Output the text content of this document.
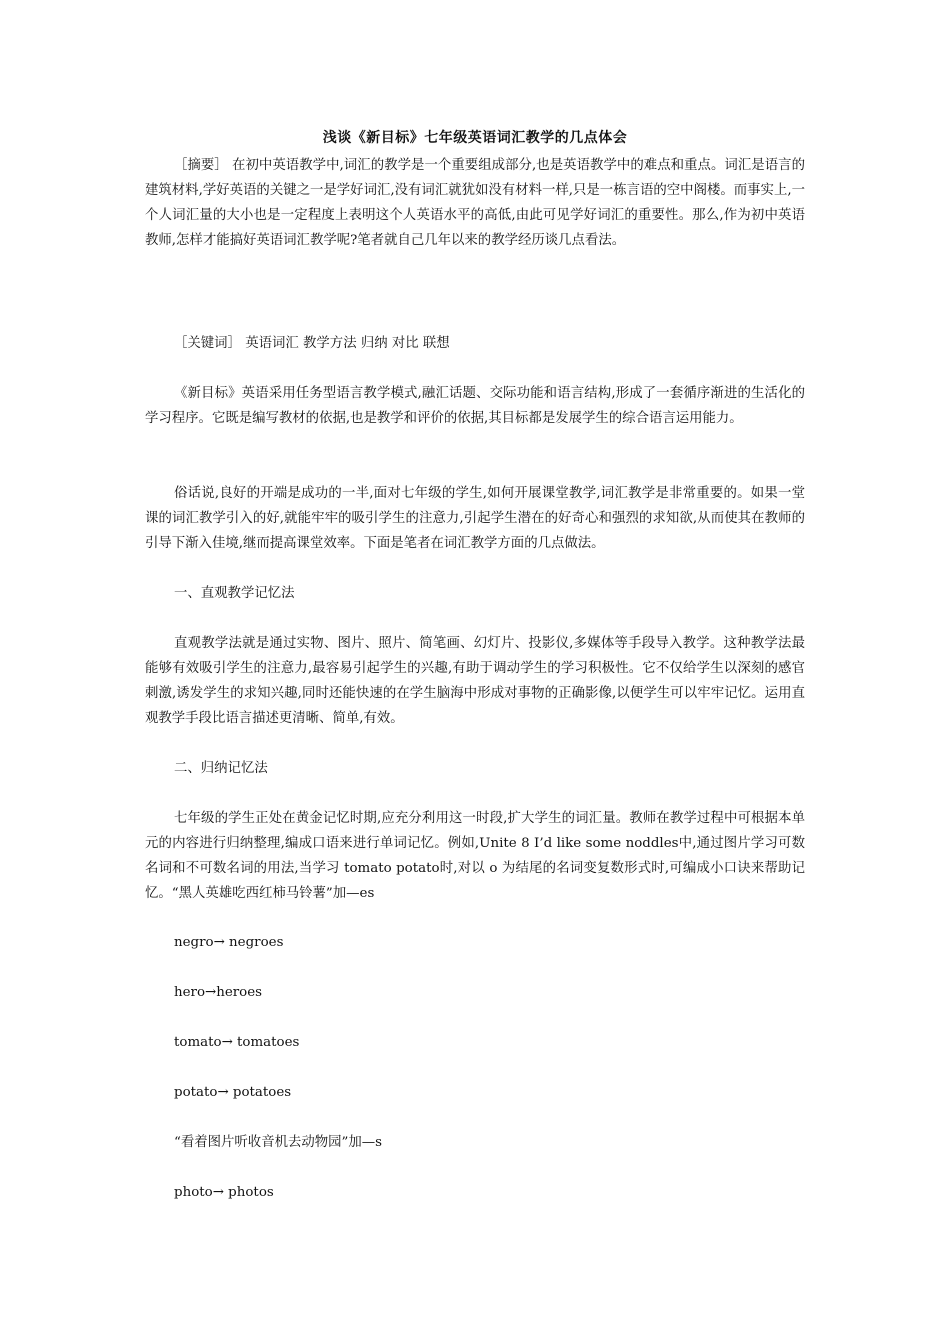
浅谈《新目标》七年级英语词汇教学的几点体会

［摘要］ 在初中英语教学中,词汇的教学是一个重要组成部分,也是英语教学中的难点和重点。词汇是语言的建筑材料,学好英语的关键之一是学好词汇,没有词汇就犹如没有材料一样,只是一栋言语的空中阁楼。而事实上,一个人词汇量的大小也是一定程度上表明这个人英语水平的高低,由此可见学好词汇的重要性。那么,作为初中英语教师,怎样才能搞好英语词汇教学呢?笔者就自己几年以来的教学经历谈几点看法。

［关键词］ 英语词汇 教学方法 归纳 对比 联想

《新目标》英语采用任务型语言教学模式,融汇话题、交际功能和语言结构,形成了一套循序渐进的生活化的学习程序。它既是编写教材的依据,也是教学和评价的依据,其目标都是发展学生的综合语言运用能力。

俗话说,良好的开端是成功的一半,面对七年级的学生,如何开展课堂教学,词汇教学是非常重要的。如果一堂课的词汇教学引入的好,就能牢牢的吸引学生的注意力,引起学生潜在的好奇心和强烈的求知欲,从而使其在教师的引导下渐入佳境,继而提高课堂效率。下面是笔者在词汇教学方面的几点做法。

一、直观教学记忆法

直观教学法就是通过实物、图片、照片、简笔画、幻灯片、投影仪,多媒体等手段导入教学。这种教学法最能够有效吸引学生的注意力,最容易引起学生的兴趣,有助于调动学生的学习积极性。它不仅给学生以深刻的感官刺激,诱发学生的求知兴趣,同时还能快速的在学生脑海中形成对事物的正确影像,以便学生可以牢牢记忆。运用直观教学手段比语言描述更清晰、简单,有效。

二、归纳记忆法

七年级的学生正处在黄金记忆时期,应充分利用这一时段,扩大学生的词汇量。教师在教学过程中可根据本单元的内容进行归纳整理,编成口语来进行单词记忆。例如,Unite 8 I’d like some noddles中,通过图片学习可数名词和不可数名词的用法,当学习 tomato potato时,对以 o 为结尾的名词变复数形式时,可编成小口诀来帮助记忆。“黑人英雄吃西红柿马铃薯”加—es

negro→ negroes

hero→heroes

tomato→ tomatoes

potato→ potatoes

“看着图片听收音机去动物园”加—s

photo→ photos
